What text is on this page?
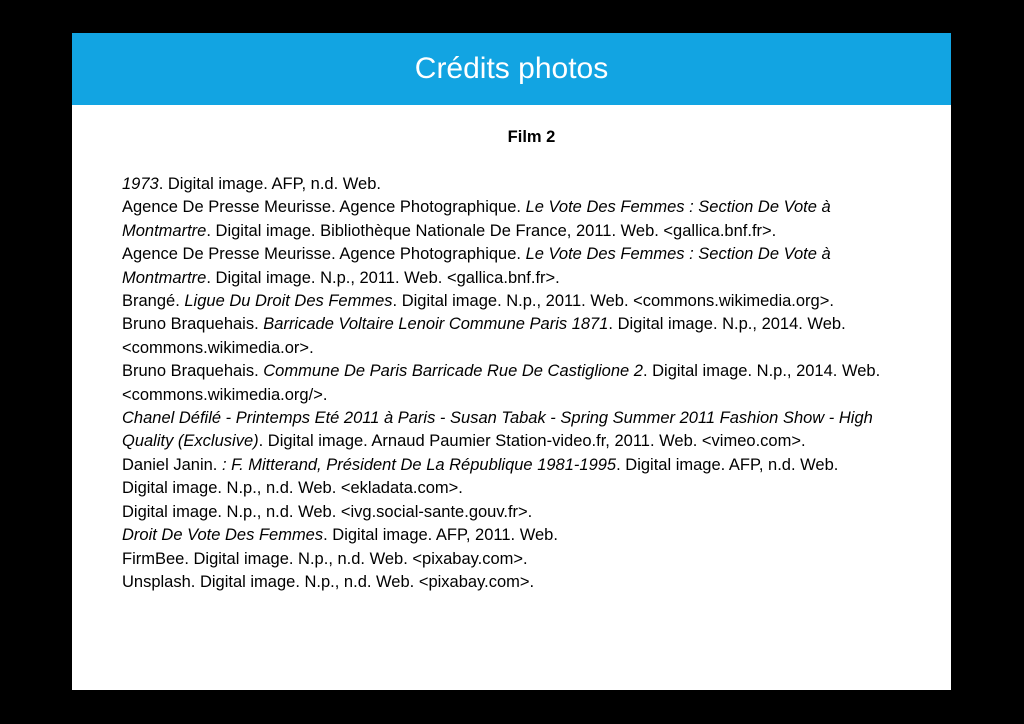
Crédits photos
Film 2
1973. Digital image. AFP, n.d. Web.
Agence De Presse Meurisse. Agence Photographique. Le Vote Des Femmes : Section De Vote à Montmartre. Digital image. Bibliothèque Nationale De France, 2011. Web. <gallica.bnf.fr>.
Agence De Presse Meurisse. Agence Photographique. Le Vote Des Femmes : Section De Vote à Montmartre. Digital image. N.p., 2011. Web. <gallica.bnf.fr>.
Brangé. Ligue Du Droit Des Femmes. Digital image. N.p., 2011. Web. <commons.wikimedia.org>.
Bruno Braquehais. Barricade Voltaire Lenoir Commune Paris 1871. Digital image. N.p., 2014. Web. <commons.wikimedia.or>.
Bruno Braquehais. Commune De Paris Barricade Rue De Castiglione 2. Digital image. N.p., 2014. Web. <commons.wikimedia.org/>.
Chanel Défilé - Printemps Eté 2011 à Paris - Susan Tabak - Spring Summer 2011 Fashion Show - High Quality (Exclusive). Digital image. Arnaud Paumier Station-video.fr, 2011. Web. <vimeo.com>.
Daniel Janin. : F. Mitterand, Président De La République 1981-1995. Digital image. AFP, n.d. Web.
Digital image. N.p., n.d. Web. <ekladata.com>.
Digital image. N.p., n.d. Web. <ivg.social-sante.gouv.fr>.
Droit De Vote Des Femmes. Digital image. AFP, 2011. Web.
FirmBee. Digital image. N.p., n.d. Web. <pixabay.com>.
Unsplash. Digital image. N.p., n.d. Web. <pixabay.com>.
